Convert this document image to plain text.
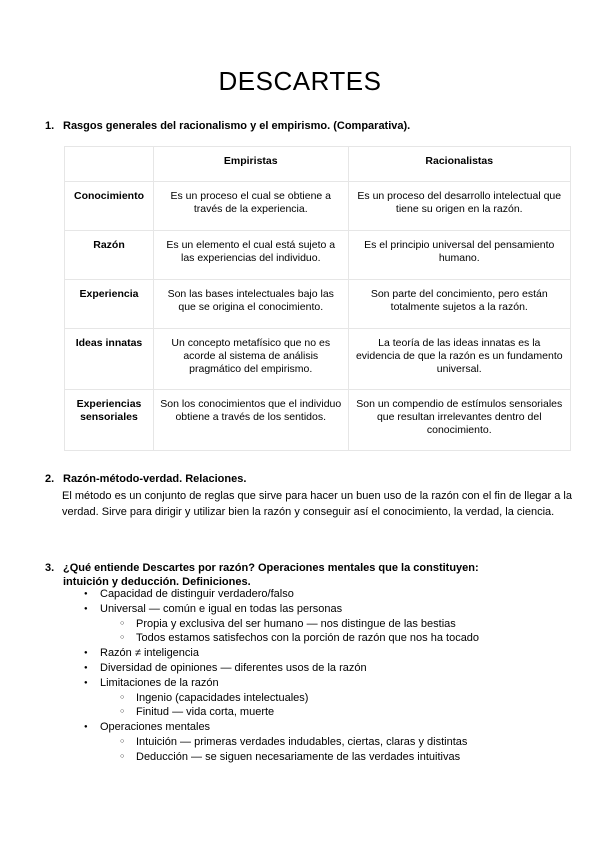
DESCARTES
1. Rasgos generales del racionalismo y el empirismo. (Comparativa).
	Empiristas	Racionalistas
Conocimiento	Es un proceso el cual se obtiene a través de la experiencia.	Es un proceso del desarrollo intelectual que tiene su origen en la razón.
Razón	Es un elemento el cual está sujeto a las experiencias del individuo.	Es el principio universal del pensamiento humano.
Experiencia	Son las bases intelectuales bajo las que se origina el conocimiento.	Son parte del concimiento, pero están totalmente sujetos a la razón.
Ideas innatas	Un concepto metafísico que no es acorde al sistema de análisis pragmático del empirismo.	La teoría de las ideas innatas es la evidencia de que la razón es un fundamento universal.
Experiencias sensoriales	Son los conocimientos que el individuo obtiene a través de los sentidos.	Son un compendio de estímulos sensoriales que resultan irrelevantes dentro del conocimiento.
2. Razón-método-verdad. Relaciones.
El método es un conjunto de reglas que sirve para hacer un buen uso de la razón con el fin de llegar a la verdad. Sirve para dirigir y utilizar bien la razón y conseguir así el conocimiento, la verdad, la ciencia.
3. ¿Qué entiende Descartes por razón? Operaciones mentales que la constituyen:
intuición y deducción. Definiciones.
● Capacidad de distinguir verdadero/falso
● Universal — común e igual en todas las personas
○ Propia y exclusiva del ser humano — nos distingue de las bestias
○ Todos estamos satisfechos con la porción de razón que nos ha tocado
● Razón ≠ inteligencia
● Diversidad de opiniones — diferentes usos de la razón
● Limitaciones de la razón
○ Ingenio (capacidades intelectuales)
○ Finitud — vida corta, muerte
● Operaciones mentales
○ Intuición — primeras verdades indudables, ciertas, claras y distintas
○ Deducción — se siguen necesariamente de las verdades intuitivas
